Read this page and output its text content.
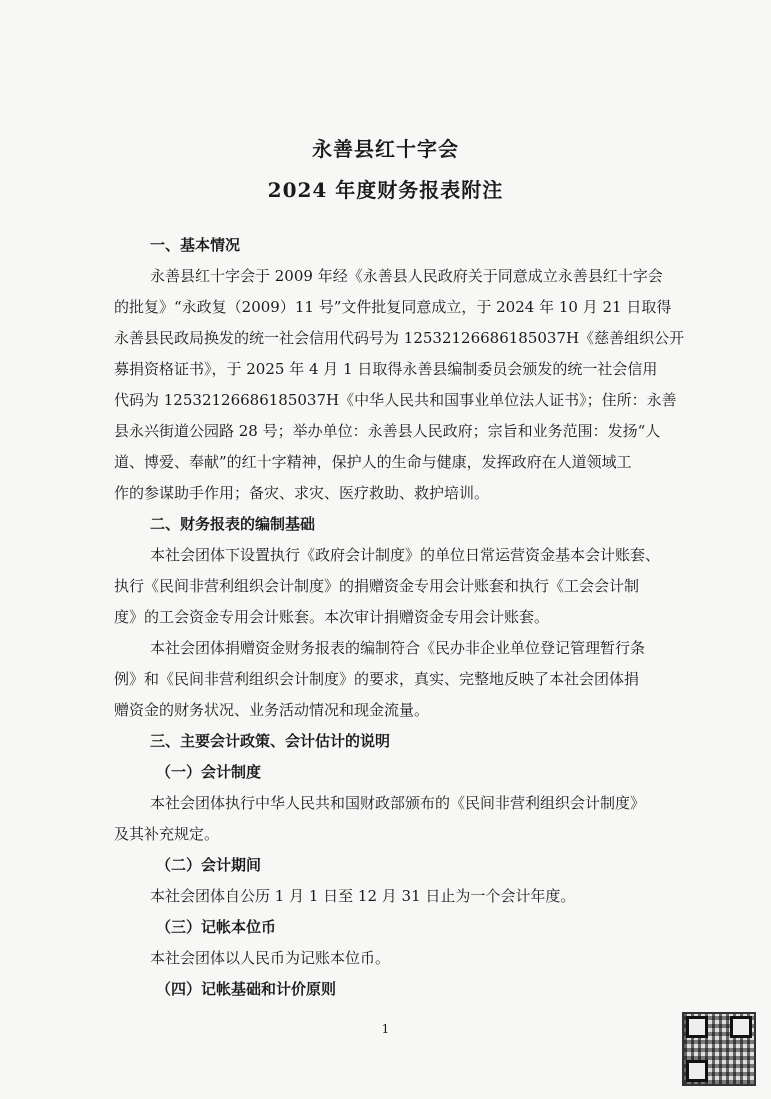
永善县红十字会
2024 年度财务报表附注
一、基本情况
永善县红十字会于 2009 年经《永善县人民政府关于同意成立永善县红十字会
的批复》“永政复（2009）11 号”文件批复同意成立，于 2024 年 10 月 21 日取得
永善县民政局换发的统一社会信用代码号为 12532126686185037H《慈善组织公开
募捐资格证书》，于 2025 年 4 月 1 日取得永善县编制委员会颁发的统一社会信用
代码为 12532126686185037H《中华人民共和国事业单位法人证书》；住所：永善
县永兴街道公园路 28 号；举办单位：永善县人民政府；宗旨和业务范围：发扬“人
道、博爱、奉献”的红十字精神，保护人的生命与健康，发挥政府在人道领域工
作的参谋助手作用；备灾、求灾、医疗救助、救护培训。
二、财务报表的编制基础
本社会团体下设置执行《政府会计制度》的单位日常运营资金基本会计账套、
执行《民间非营利组织会计制度》的捐赠资金专用会计账套和执行《工会会计制
度》的工会资金专用会计账套。本次审计捐赠资金专用会计账套。
本社会团体捐赠资金财务报表的编制符合《民办非企业单位登记管理暂行条
例》和《民间非营利组织会计制度》的要求，真实、完整地反映了本社会团体捐
赠资金的财务状况、业务活动情况和现金流量。
三、主要会计政策、会计估计的说明
（一）会计制度
本社会团体执行中华人民共和国财政部颁布的《民间非营利组织会计制度》
及其补充规定。
（二）会计期间
本社会团体自公历 1 月 1 日至 12 月 31 日止为一个会计年度。
（三）记帐本位币
本社会团体以人民币为记账本位币。
（四）记帐基础和计价原则
1
